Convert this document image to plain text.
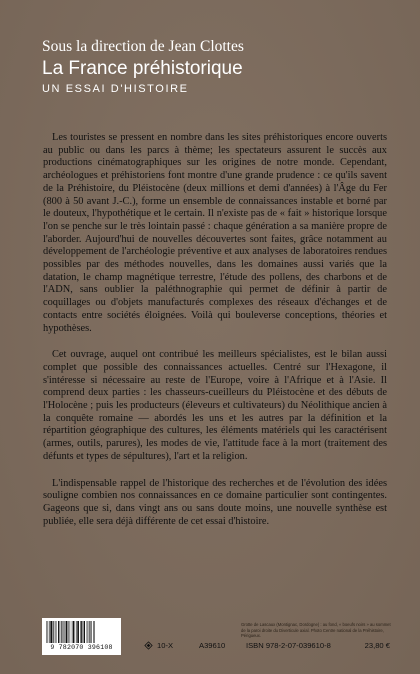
Sous la direction de Jean Clottes

La France préhistorique

UN ESSAI D'HISTOIRE

Les touristes se pressent en nombre dans les sites préhistoriques encore ouverts au public ou dans les parcs à thème; les spectateurs assurent le succès aux productions cinématographiques sur les origines de notre monde. Cependant, archéologues et préhistoriens font montre d'une grande prudence : ce qu'ils savent de la Préhistoire, du Pléistocène (deux millions et demi d'années) à l'Âge du Fer (800 à 50 avant J.-C.), forme un ensemble de connaissances instable et borné par le douteux, l'hypothétique et le certain. Il n'existe pas de « fait » historique lorsque l'on se penche sur le très lointain passé : chaque génération a sa manière propre de l'aborder. Aujourd'hui de nouvelles découvertes sont faites, grâce notamment au développement de l'archéologie préventive et aux analyses de laboratoires rendues possibles par des méthodes nouvelles, dans les domaines aussi variés que la datation, le champ magnétique terrestre, l'étude des pollens, des charbons et de l'ADN, sans oublier la paléthnographie qui permet de définir à partir de coquillages ou d'objets manufacturés complexes des réseaux d'échanges et de contacts entre sociétés éloignées. Voilà qui bouleverse conceptions, théories et hypothèses.

Cet ouvrage, auquel ont contribué les meilleurs spécialistes, est le bilan aussi complet que possible des connaissances actuelles. Centré sur l'Hexagone, il s'intéresse si nécessaire au reste de l'Europe, voire à l'Afrique et à l'Asie. Il comprend deux parties : les chasseurs-cueilleurs du Pléistocène et des débuts de l'Holocène ; puis les producteurs (éleveurs et cultivateurs) du Néolithique ancien à la conquête romaine — abordés les uns et les autres par la définition et la répartition géographique des cultures, les éléments matériels qui les caractérisent (armes, outils, parures), les modes de vie, l'attitude face à la mort (traitement des défunts et types de sépultures), l'art et la religion.

L'indispensable rappel de l'historique des recherches et de l'évolution des idées souligne combien nos connaissances en ce domaine particulier sont contingentes. Gageons que si, dans vingt ans ou sans doute moins, une nouvelle synthèse est publiée, elle sera déjà différente de cet essai d'histoire.

9 782070 396108
Grotte de Lascaux (Montignac, Dordogne) : au fond, « boeufs noirs » au sommet de la paroi droite du Diverticule axial. Photo Centre national de la Préhistoire, Périgueux.
10-X	A39610	ISBN 978-2-07-039610-8	23,80 €
